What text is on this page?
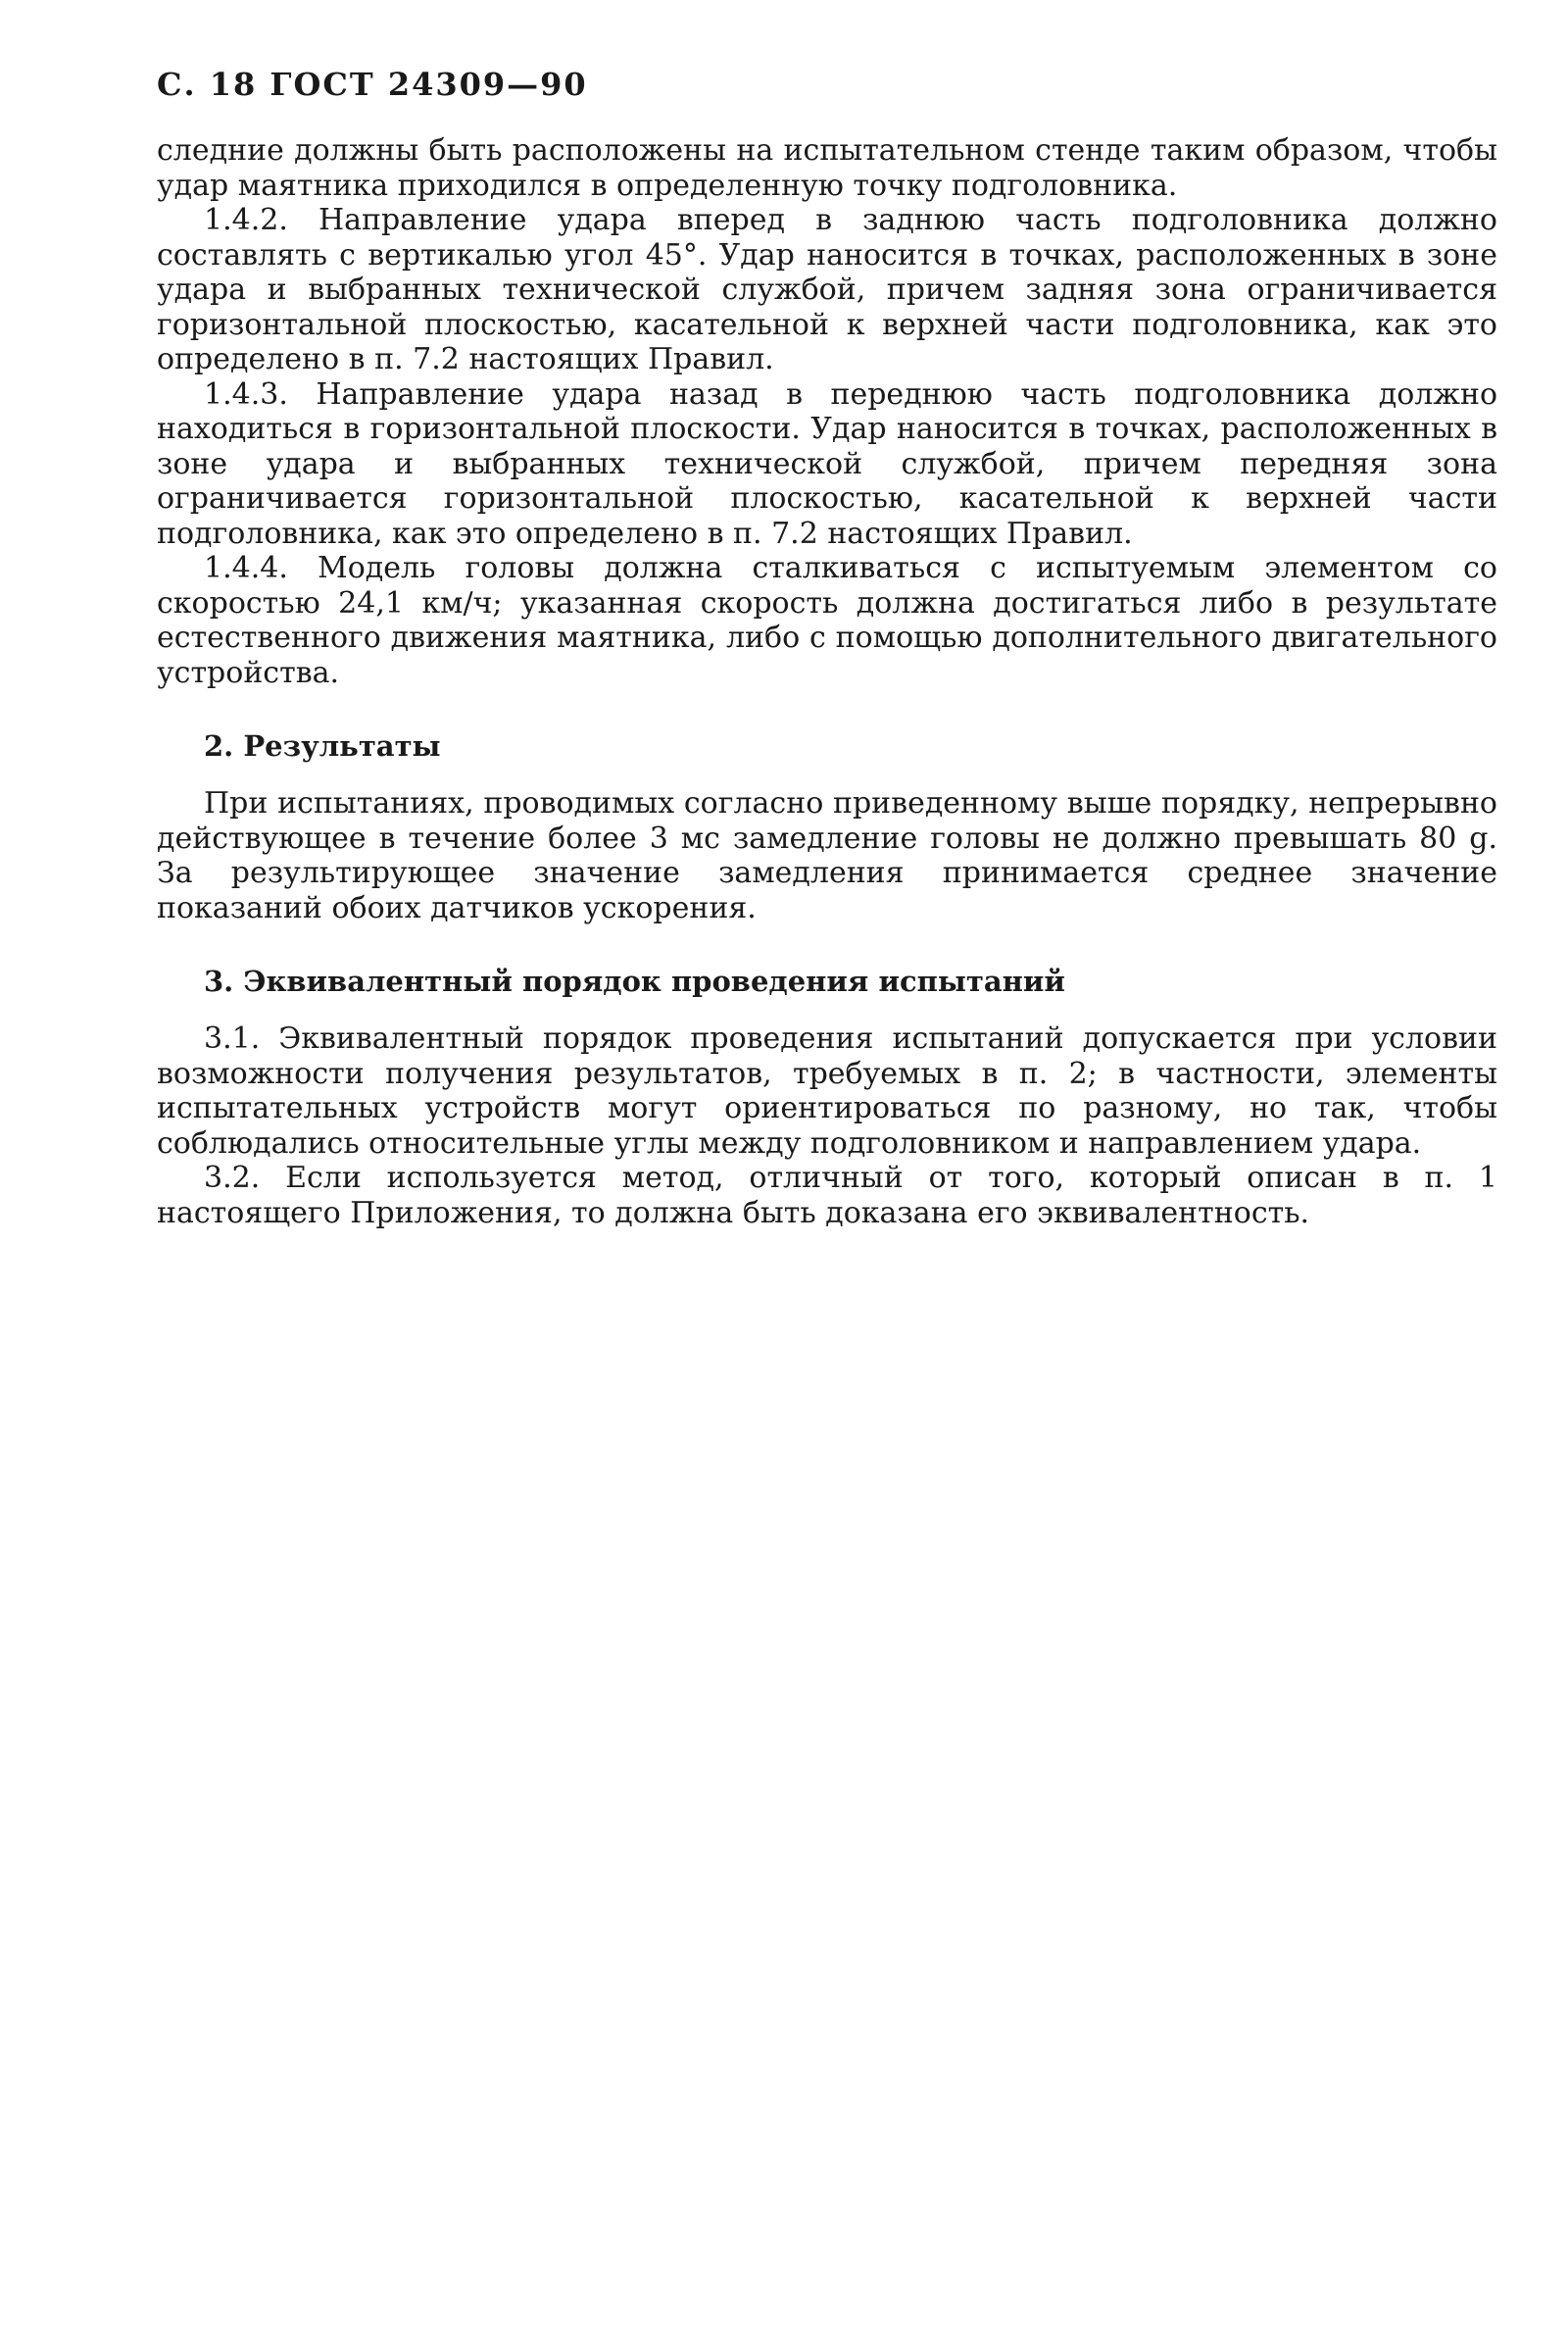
С. 18 ГОСТ 24309—90

следние должны быть расположены на испытательном стенде таким образом, чтобы удар маятника приходился в определенную точку подголовника.

1.4.2. Направление удара вперед в заднюю часть подголовника должно составлять с вертикалью угол 45°. Удар наносится в точках, расположенных в зоне удара и выбранных технической службой, причем задняя зона ограничивается горизонтальной плоскостью, касательной к верхней части подголовника, как это определено в п. 7.2 настоящих Правил.

1.4.3. Направление удара назад в переднюю часть подголовника должно находиться в горизонтальной плоскости. Удар наносится в точках, расположенных в зоне удара и выбранных технической службой, причем передняя зона ограничивается горизонтальной плоскостью, касательной к верхней части подголовника, как это определено в п. 7.2 настоящих Правил.

1.4.4. Модель головы должна сталкиваться с испытуемым элементом со скоростью 24,1 км/ч; указанная скорость должна достигаться либо в результате естественного движения маятника, либо с помощью дополнительного двигательного устройства.

2. Результаты

При испытаниях, проводимых согласно приведенному выше порядку, непрерывно действующее в течение более 3 мс замедление головы не должно превышать 80 g. За результирующее значение замедления принимается среднее значение показаний обоих датчиков ускорения.

3. Эквивалентный порядок проведения испытаний

3.1. Эквивалентный порядок проведения испытаний допускается при условии возможности получения результатов, требуемых в п. 2; в частности, элементы испытательных устройств могут ориентироваться по разному, но так, чтобы соблюдались относительные углы между подголовником и направлением удара.

3.2. Если используется метод, отличный от того, который описан в п. 1 настоящего Приложения, то должна быть доказана его эквивалентность.
